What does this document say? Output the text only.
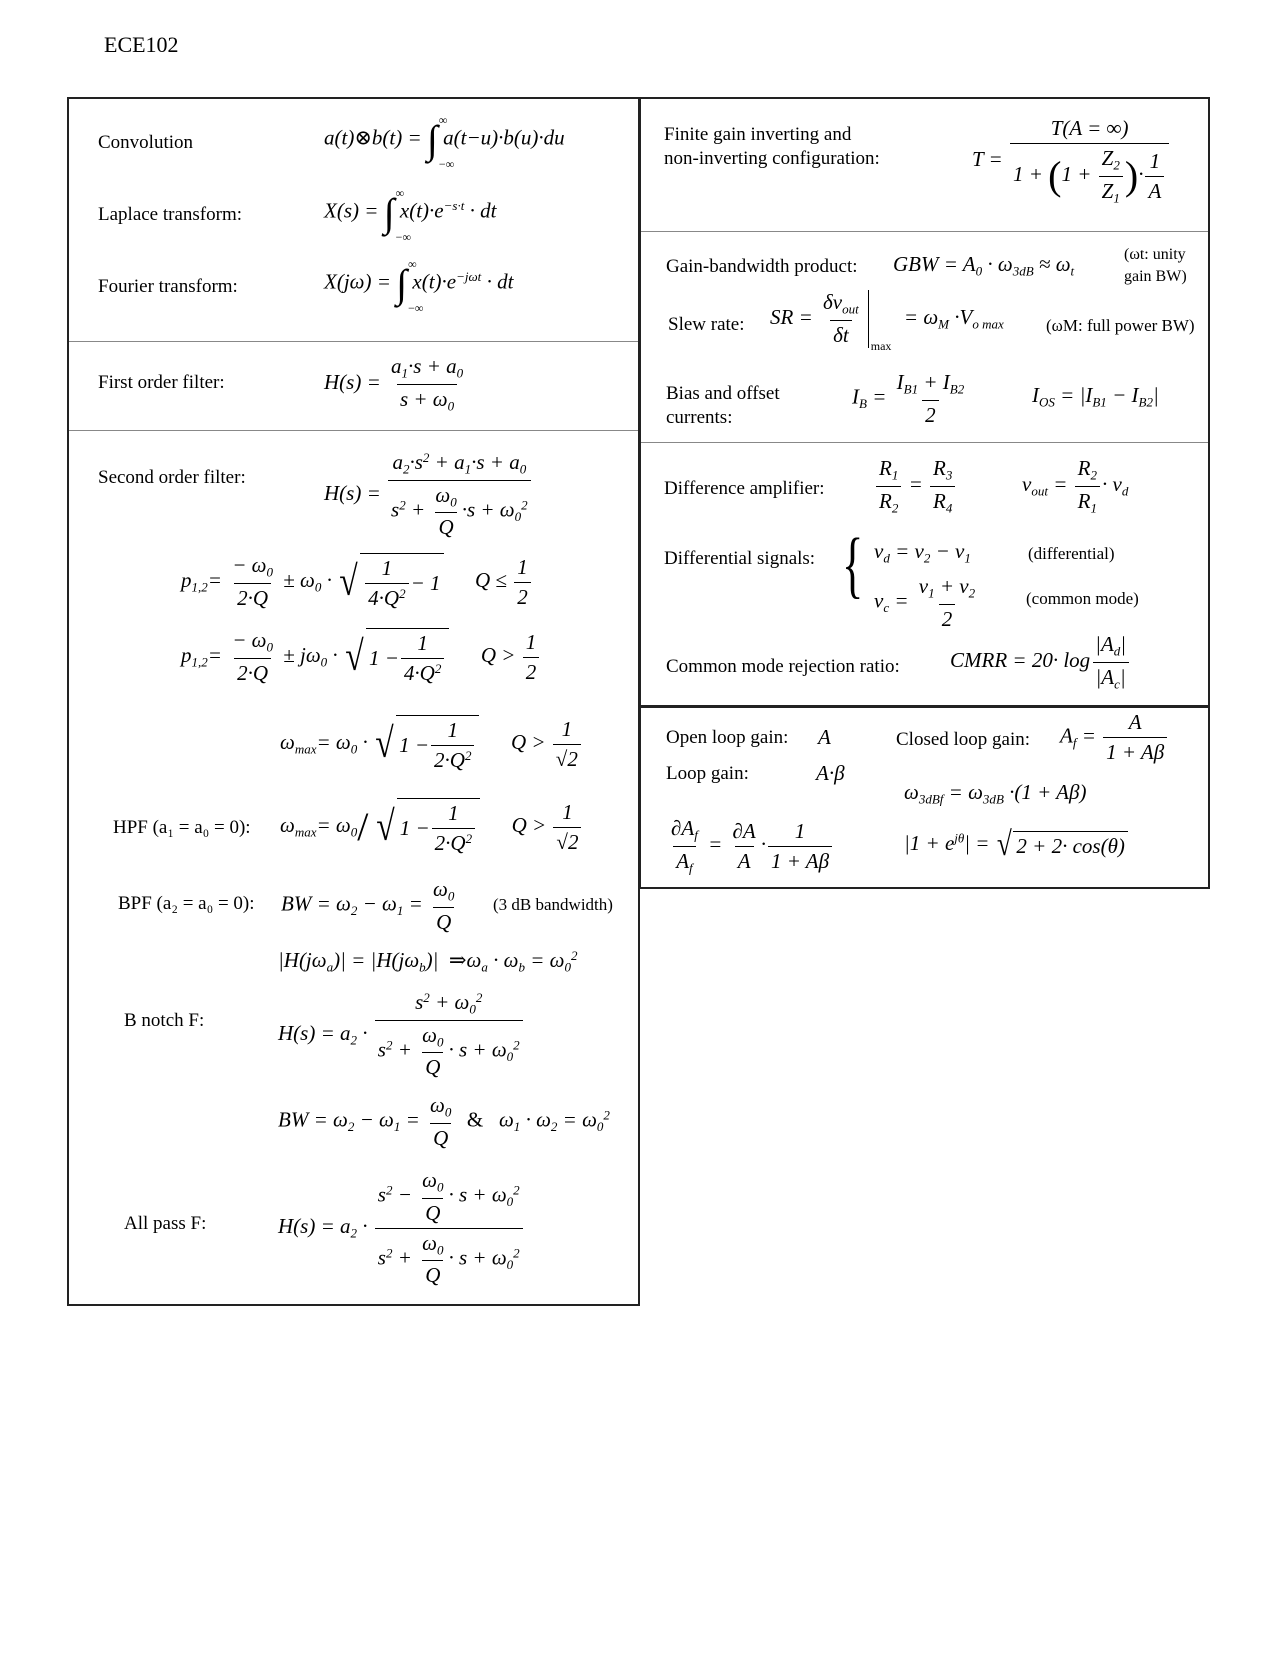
ECE102
Convolution	a(t)⊗b(t) = ∫ ∞
−∞
a(t−u)·b(u)·du
Laplace transform:	X(s) = ∫ ∞
−∞
$x(t)\cdot e^{-s\cdot t}$ · dt
Fourier transform:	X(jω) = ∫ ∞
−∞
$x(t)\cdot e^{-j\omega t}$ · dt
First order filter:	$H(s) = \frac{a_1\cdot s + a_0}{s + \omega_0}$
Second order filter:
$H(s) = \frac{a_2\cdot s^2 + a_1\cdot s + a_0}{s^2 + \frac{\omega_0}{Q} \cdot s + \omega_0^2}$
$p_{1,2}= \frac{- \omega_0}{2\cdot Q} \pm \omega_0$ · √ $\frac{1}{4\cdot Q^2} - 1$ $Q \le \frac{1}{2}$
$p_{1,2}= \frac{- \omega_0}{2\cdot Q} \pm j\omega_0$ · √ $1 - \frac{1}{4\cdot Q^2}$ $Q > \frac{1}{2}$
$\omega_{max}= \omega_0$ · √ $1 - \frac{1}{2\cdot Q^2}$ $Q > \frac{1}{√2}$
HPF (a₁ = a₀ = 0): $\omega_{max}= \omega_0/$ √ $1 - \frac{1}{2\cdot Q^2}$ $Q > \frac{1}{√2}$
BPF (a₂ = a₀ = 0): BW = $\omega_2 - \omega_1 = \frac{\omega_0}{Q} (3$ dB bandwidth)
$|H(j\omega_a)| = |H(j\omega_b)|$  $\Rightarrow\omega_a \cdot \omega_b = \omega_0^2$
B notch F:
$H(s) = a_2 \cdot \frac{s^2 + \omega_0^2}{s^2 + \frac{\omega_0}{Q} \cdot s + \omega_0^2}$
BW = $\omega_2 - \omega_1 = \frac{\omega_0}{Q}$ &   $\omega_1 \cdot \omega_2 = \omega_0^2$
All pass F:	$H(s) = a_2 \cdot \frac{s^2 - \frac{\omega_0}{Q} \cdot s + \omega_0^2}{s^2 + \frac{\omega_0}{Q} \cdot s + \omega_0^2}$
Finite gain inverting and
non-inverting configuration:	$T = \frac{T(A = \infty)}{1 + (1 + \frac{Z_2}{Z_1} )\cdot \frac{1}{A}}$
Gain-bandwidth product: GBW = $A_0 \cdot \omega_{3dB} \approx \omega_t$
(ωt: unity
gain BW)
Slew rate: SR = $\frac{\delta v_{out}}{\delta t} _{max} = \omega_M \cdot V_{o max}$ (ωM: full power BW)
Bias and offset
currents:
$I_B = \frac{I_{B1} + I_{B2}}{2}$	$I_{OS} = |I_{B1} - I_{B2}|$
Difference amplifier: $\frac{R_1}{R_2} = \frac{R_3}{R_4}$	$v_{out} = \frac{R_2}{R_1} \cdot v_d$
Differential signals: { $v_d = v_2 - v_1$
$v_c = \frac{v_1 + v_2}{2}$
(differential)
(common mode)
Common mode rejection ratio: CMRR = $20\cdot \log \frac{|A_d|}{|A_c|}$
Open loop gain: A
Loop gain:	A·β
Closed loop gain: $A_f = \frac{A}{1 + A\beta}$
$\omega_{3dBf} = \omega_{3dB} \cdot(1 + A\beta)$
$\frac{\partial A_f}{A_f} = \frac{\partial A}{A} \cdot \frac{1}{1 + A\beta}$	$|1 + e^{j\theta}|$ = √ 2 + 2· cos(θ)
